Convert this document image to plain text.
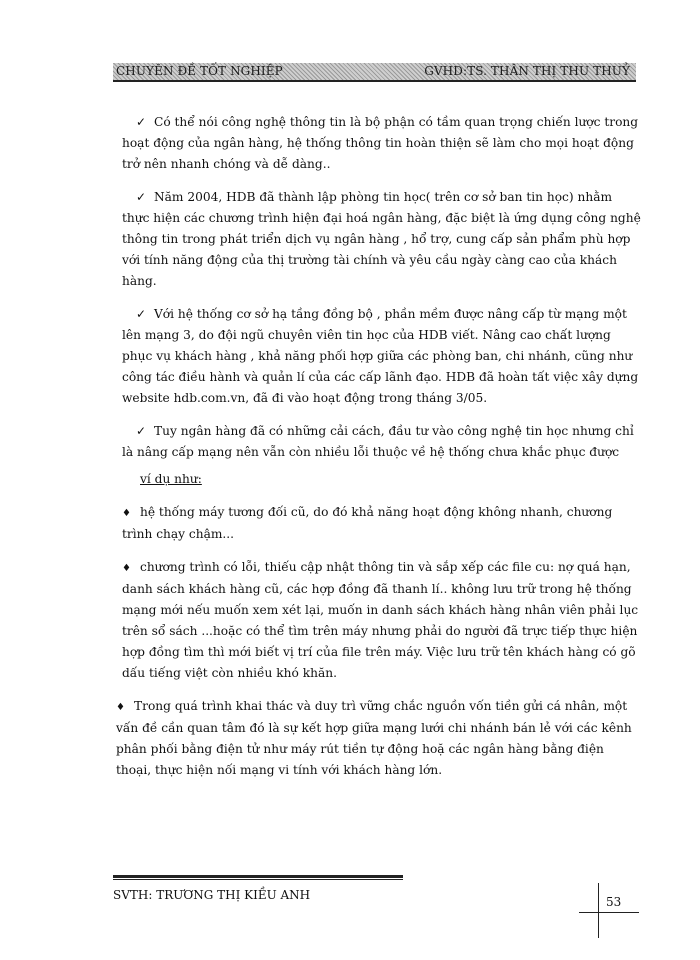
CHUYÊN ĐỀ TỐT NGHIỆP	GVHD:TS. THÂN THỊ THU THUỶ

✓ Có thể nói công nghệ thông tin là bộ phận có tầm quan trọng chiến lược trong hoạt động của ngân hàng, hệ thống thông tin hoàn thiện sẽ làm cho mọi hoạt động trở nên nhanh chóng và dễ dàng..

✓ Năm 2004, HDB đã thành lập phòng tin học( trên cơ sở ban tin học) nhằm thực hiện các chương trình hiện đại hoá ngân hàng, đặc biệt là ứng dụng công nghệ thông tin trong phát triển dịch vụ ngân hàng , hổ trợ, cung cấp sản phẩm phù hợp với tính năng động của thị trường tài chính và yêu cầu ngày càng cao của khách hàng.

✓ Với hệ thống cơ sở hạ tầng đồng bộ , phần mềm được nâng cấp từ mạng một lên mạng 3, do đội ngũ chuyên viên tin học của HDB viết. Nâng cao chất lượng phục vụ khách hàng , khả năng phối hợp giữa các phòng ban, chi nhánh, cũng như công tác điều hành và quản lí của các cấp lãnh đạo. HDB đã hoàn tất việc xây dựng website hdb.com.vn, đã đi vào hoạt động trong tháng 3/05.

✓ Tuy ngân hàng đã có những cải cách, đầu tư vào công nghệ tin học nhưng chỉ là nâng cấp mạng nên vẫn còn nhiều lỗi thuộc về hệ thống chưa khắc phục được

ví dụ như:

♦ hệ thống máy tương đối cũ, do đó khả năng hoạt động không nhanh, chương trình chạy chậm...

♦ chương trình có lỗi, thiếu cập nhật thông tin và sắp xếp các file cu: nợ quá hạn, danh sách khách hàng cũ, các hợp đồng đã thanh lí.. không lưu trữ trong hệ thống mạng mới nếu muốn xem xét lại, muốn in danh sách khách hàng nhân viên phải lục trên sổ sách ...hoặc có thể tìm trên máy nhưng phải do người đã trực tiếp thực hiện hợp đồng tìm thì mới biết vị trí của file trên máy. Việc lưu trữ tên khách hàng có gõ dấu tiếng việt còn nhiều khó khăn.

♦ Trong quá trình khai thác và duy trì vững chắc nguồn vốn tiền gửi cá nhân, một vấn đề cần quan tâm đó là sự kết hợp giữa mạng lưới chi nhánh bán lẻ với các kênh phân phối bằng điện tử như máy rút tiền tự động hoặ các ngân hàng bằng điện thoại, thực hiện nối mạng vi tính với khách hàng lớn.

SVTH: TRƯƠNG THỊ KIỀU ANH	53
